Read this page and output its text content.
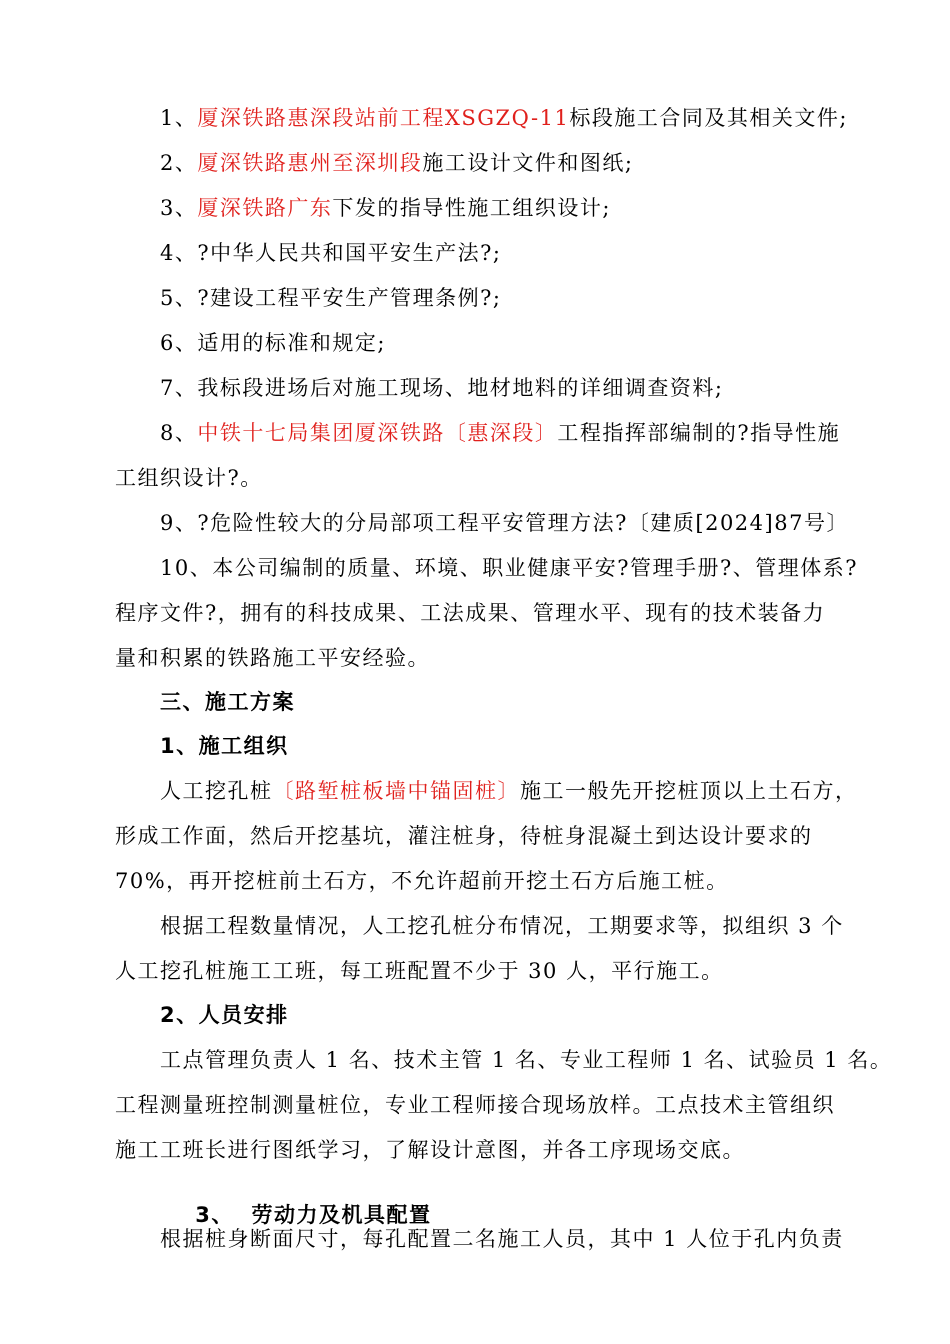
1、厦深铁路惠深段站前工程XSGZQ-11标段施工合同及其相关文件;
2、厦深铁路惠州至深圳段施工设计文件和图纸;
3、厦深铁路广东下发的指导性施工组织设计;
4、?中华人民共和国平安生产法?;
5、?建设工程平安生产管理条例?;
6、适用的标准和规定;
7、我标段进场后对施工现场、地材地料的详细调查资料;
8、中铁十七局集团厦深铁路〔惠深段〕工程指挥部编制的?指导性施
工组织设计?。
9、?危险性较大的分局部项工程平安管理方法?〔建质[2024]87号〕
10、本公司编制的质量、环境、职业健康平安?管理手册?、管理体系?
程序文件?，拥有的科技成果、工法成果、管理水平、现有的技术装备力
量和积累的铁路施工平安经验。
三、施工方案
1、施工组织
人工挖孔桩〔路堑桩板墙中锚固桩〕施工一般先开挖桩顶以上土石方，
形成工作面，然后开挖基坑，灌注桩身，待桩身混凝土到达设计要求的
70%，再开挖桩前土石方，不允许超前开挖土石方后施工桩。
根据工程数量情况，人工挖孔桩分布情况，工期要求等，拟组织 3 个
人工挖孔桩施工工班，每工班配置不少于 30 人，平行施工。
2、人员安排
工点管理负责人 1 名、技术主管 1 名、专业工程师 1 名、试验员 1 名。
工程测量班控制测量桩位，专业工程师接合现场放样。工点技术主管组织
施工工班长进行图纸学习，了解设计意图，并各工序现场交底。

3、  劳动力及机具配置

根据桩身断面尺寸，每孔配置二名施工人员，其中 1 人位于孔内负责
